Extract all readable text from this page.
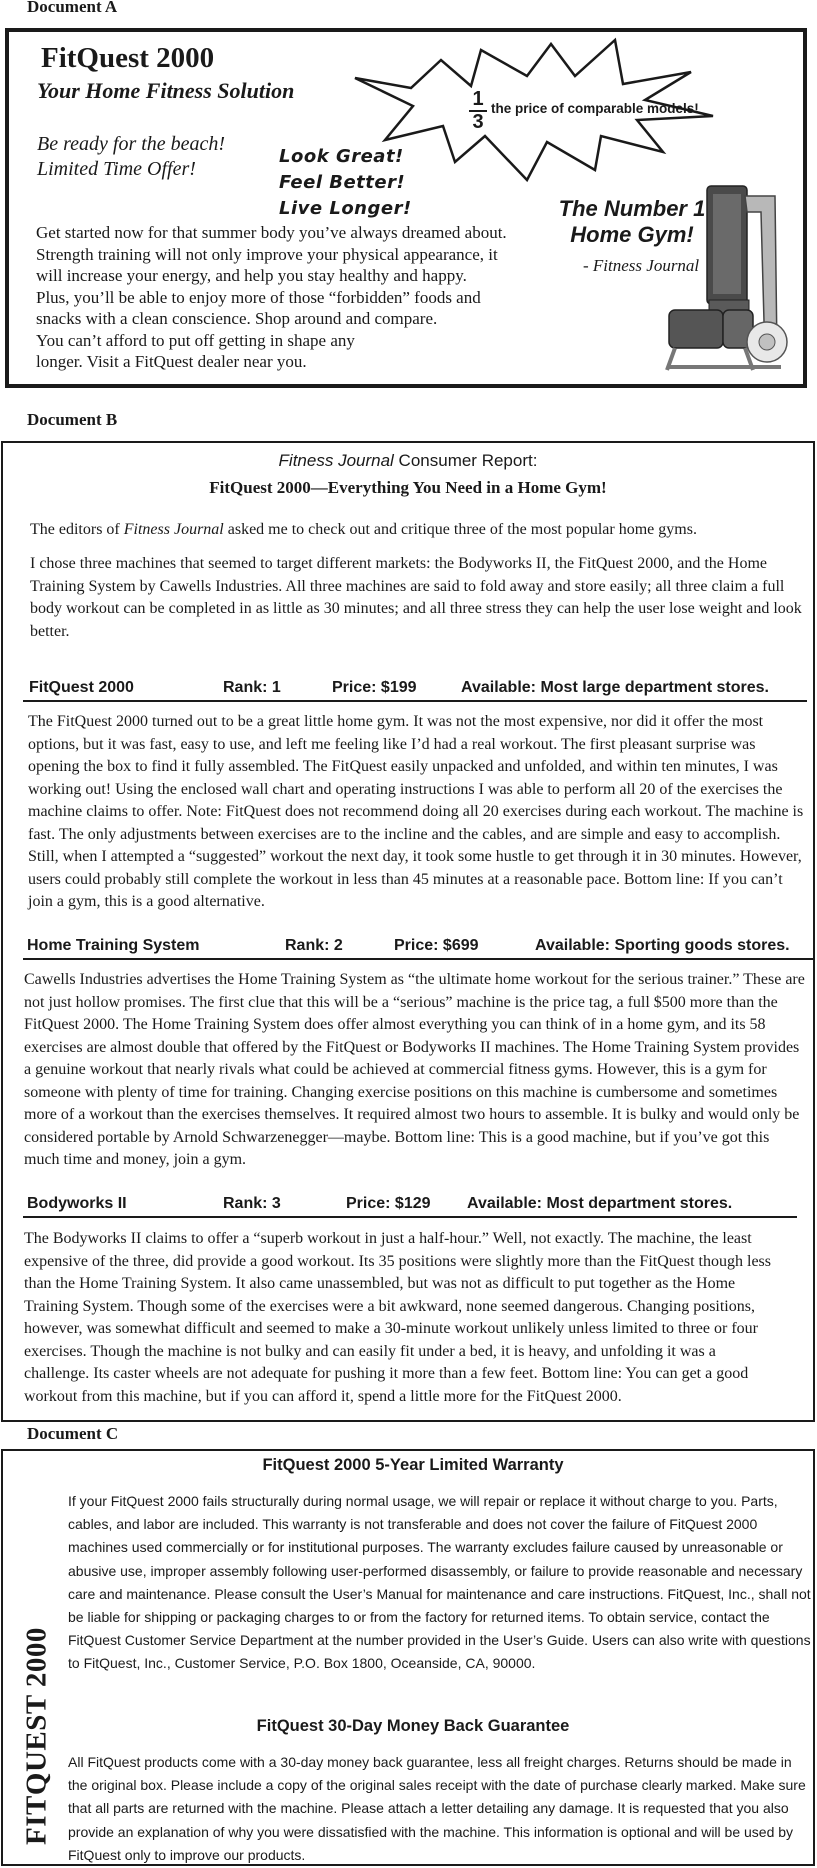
Document A
FitQuest 2000
Your Home Fitness Solution
Be ready for the beach!
Limited Time Offer!
Look Great!
Feel Better!
Live Longer!
1
3
the price of comparable models!
Get started now for that summer body you’ve always dreamed about.
Strength training will not only improve your physical appearance, it
will increase your energy, and help you stay healthy and happy.
Plus, you’ll be able to enjoy more of those “forbidden” foods and
snacks with a clean conscience. Shop around and compare.
You can’t afford to put off getting in shape any
longer. Visit a FitQuest dealer near you.
The Number 1
Home Gym!
- Fitness Journal
Document B
Fitness Journal Consumer Report:
FitQuest 2000—Everything You Need in a Home Gym!
The editors of Fitness Journal asked me to check out and critique three of the most popular home gyms.
I chose three machines that seemed to target different markets: the Bodyworks II, the FitQuest 2000, and the Home Training System by Cawells Industries. All three machines are said to fold away and store easily; all three claim a full body workout can be completed in as little as 30 minutes; and all three stress they can help the user lose weight and look better.
FitQuest 2000	Rank: 1	Price: $199	Available: Most large department stores.
The FitQuest 2000 turned out to be a great little home gym. It was not the most expensive, nor did it offer the most options, but it was fast, easy to use, and left me feeling like I’d had a real workout. The first pleasant surprise was opening the box to find it fully assembled. The FitQuest easily unpacked and unfolded, and within ten minutes, I was working out! Using the enclosed wall chart and operating instructions I was able to perform all 20 of the exercises the machine claims to offer. Note: FitQuest does not recommend doing all 20 exercises during each workout. The machine is fast. The only adjustments between exercises are to the incline and the cables, and are simple and easy to accomplish. Still, when I attempted a “suggested” workout the next day, it took some hustle to get through it in 30 minutes. However, users could probably still complete the workout in less than 45 minutes at a reasonable pace. Bottom line: If you can’t join a gym, this is a good alternative.
Home Training System	Rank: 2	Price: $699	Available: Sporting goods stores.
Cawells Industries advertises the Home Training System as “the ultimate home workout for the serious trainer.” These are not just hollow promises. The first clue that this will be a “serious” machine is the price tag, a full $500 more than the FitQuest 2000. The Home Training System does offer almost everything you can think of in a home gym, and its 58 exercises are almost double that offered by the FitQuest or Bodyworks II machines. The Home Training System provides a genuine workout that nearly rivals what could be achieved at commercial fitness gyms. However, this is a gym for someone with plenty of time for training. Changing exercise positions on this machine is cumbersome and sometimes more of a workout than the exercises themselves. It required almost two hours to assemble. It is bulky and would only be considered portable by Arnold Schwarzenegger—maybe. Bottom line: This is a good machine, but if you’ve got this much time and money, join a gym.
Bodyworks II	Rank: 3	Price: $129 Available: Most department stores.
The Bodyworks II claims to offer a “superb workout in just a half-hour.” Well, not exactly. The machine, the least expensive of the three, did provide a good workout. Its 35 positions were slightly more than the FitQuest though less than the Home Training System. It also came unassembled, but was not as difficult to put together as the Home Training System. Though some of the exercises were a bit awkward, none seemed dangerous. Changing positions, however, was somewhat difficult and seemed to make a 30-minute workout unlikely unless limited to three or four exercises. Though the machine is not bulky and can easily fit under a bed, it is heavy, and unfolding it was a challenge. Its caster wheels are not adequate for pushing it more than a few feet. Bottom line: You can get a good workout from this machine, but if you can afford it, spend a little more for the FitQuest 2000.
Document C
FITQUEST 2000
FitQuest 2000 5-Year Limited Warranty
If your FitQuest 2000 fails structurally during normal usage, we will repair or replace it without charge to you. Parts, cables, and labor are included. This warranty is not transferable and does not cover the failure of FitQuest 2000 machines used commercially or for institutional purposes. The warranty excludes failure caused by unreasonable or abusive use, improper assembly following user-performed disassembly, or failure to provide reasonable and necessary care and maintenance. Please consult the User’s Manual for maintenance and care instructions. FitQuest, Inc., shall not be liable for shipping or packaging charges to or from the factory for returned items. To obtain service, contact the FitQuest Customer Service Department at the number provided in the User’s Guide. Users can also write with questions to FitQuest, Inc., Customer Service, P.O. Box 1800, Oceanside, CA, 90000.
FitQuest 30-Day Money Back Guarantee
All FitQuest products come with a 30-day money back guarantee, less all freight charges. Returns should be made in the original box. Please include a copy of the original sales receipt with the date of purchase clearly marked. Make sure that all parts are returned with the machine. Please attach a letter detailing any damage. It is requested that you also provide an explanation of why you were dissatisfied with the machine. This information is optional and will be used by FitQuest only to improve our products.
